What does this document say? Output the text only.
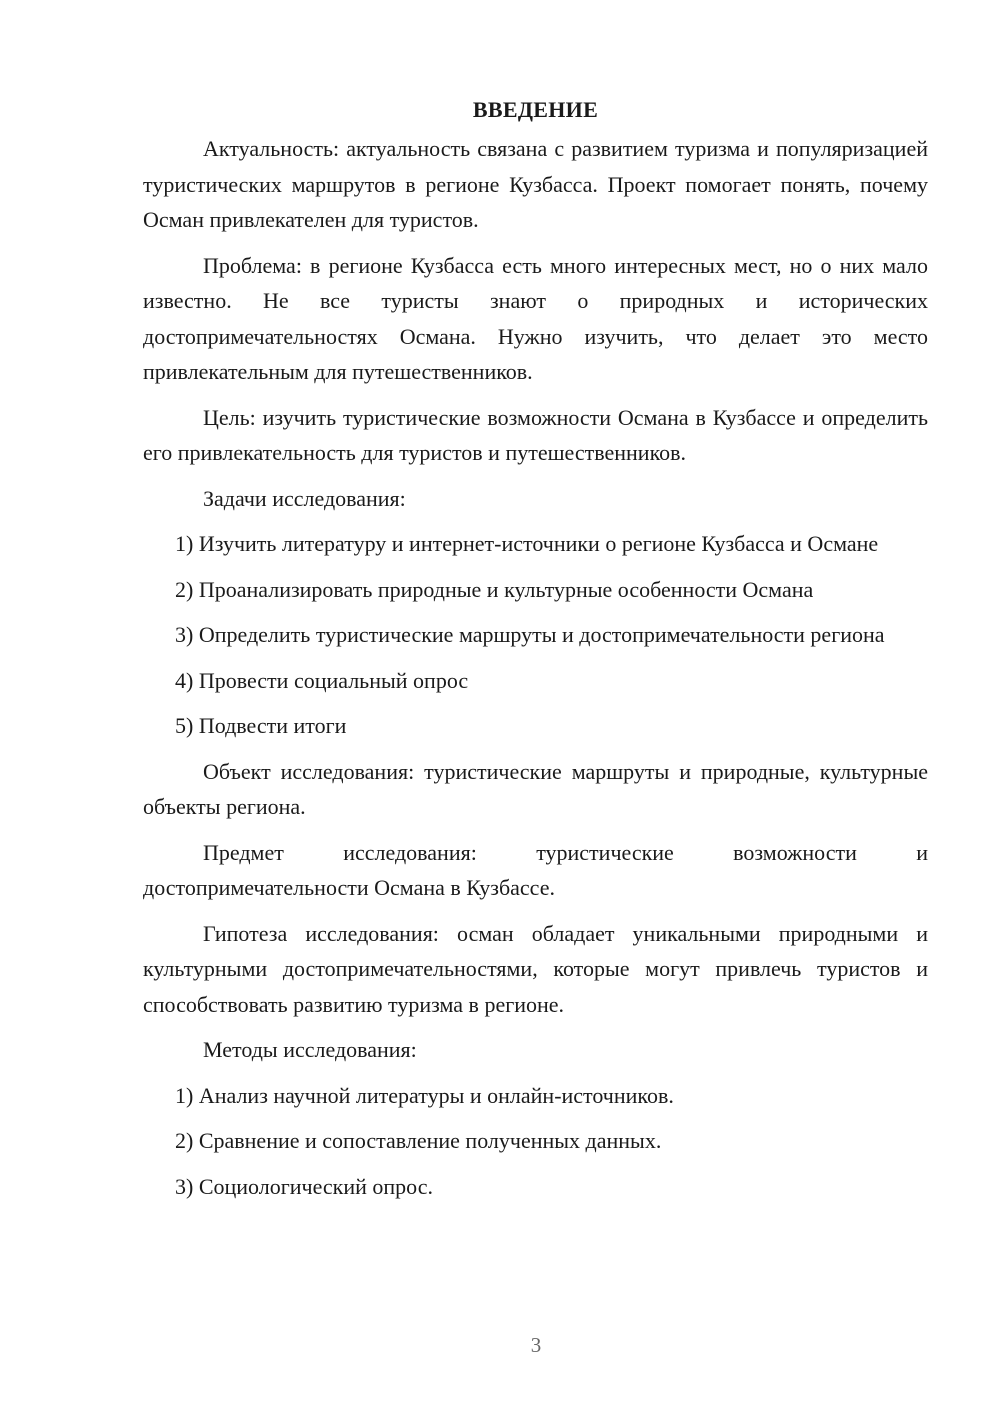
ВВЕДЕНИЕ

Актуальность: актуальность связана с развитием туризма и популяризацией туристических маршрутов в регионе Кузбасса. Проект помогает понять, почему Осман привлекателен для туристов.

Проблема: в регионе Кузбасса есть много интересных мест, но о них мало известно. Не все туристы знают о природных и исторических достопримечательностях Османа. Нужно изучить, что делает это место привлекательным для путешественников.

Цель: изучить туристические возможности Османа в Кузбассе и определить его привлекательность для туристов и путешественников.

Задачи исследования:

1) Изучить литературу и интернет-источники о регионе Кузбасса и Османе

2) Проанализировать природные и культурные особенности Османа

3) Определить туристические маршруты и достопримечательности региона

4) Провести социальный опрос

5) Подвести итоги

Объект исследования: туристические маршруты и природные, культурные объекты региона.

Предмет исследования: туристические возможности и достопримечательности Османа в Кузбассе.

Гипотеза исследования: осман обладает уникальными природными и культурными достопримечательностями, которые могут привлечь туристов и способствовать развитию туризма в регионе.

Методы исследования:

1) Анализ научной литературы и онлайн-источников.

2) Сравнение и сопоставление полученных данных.

3) Социологический опрос.

3
